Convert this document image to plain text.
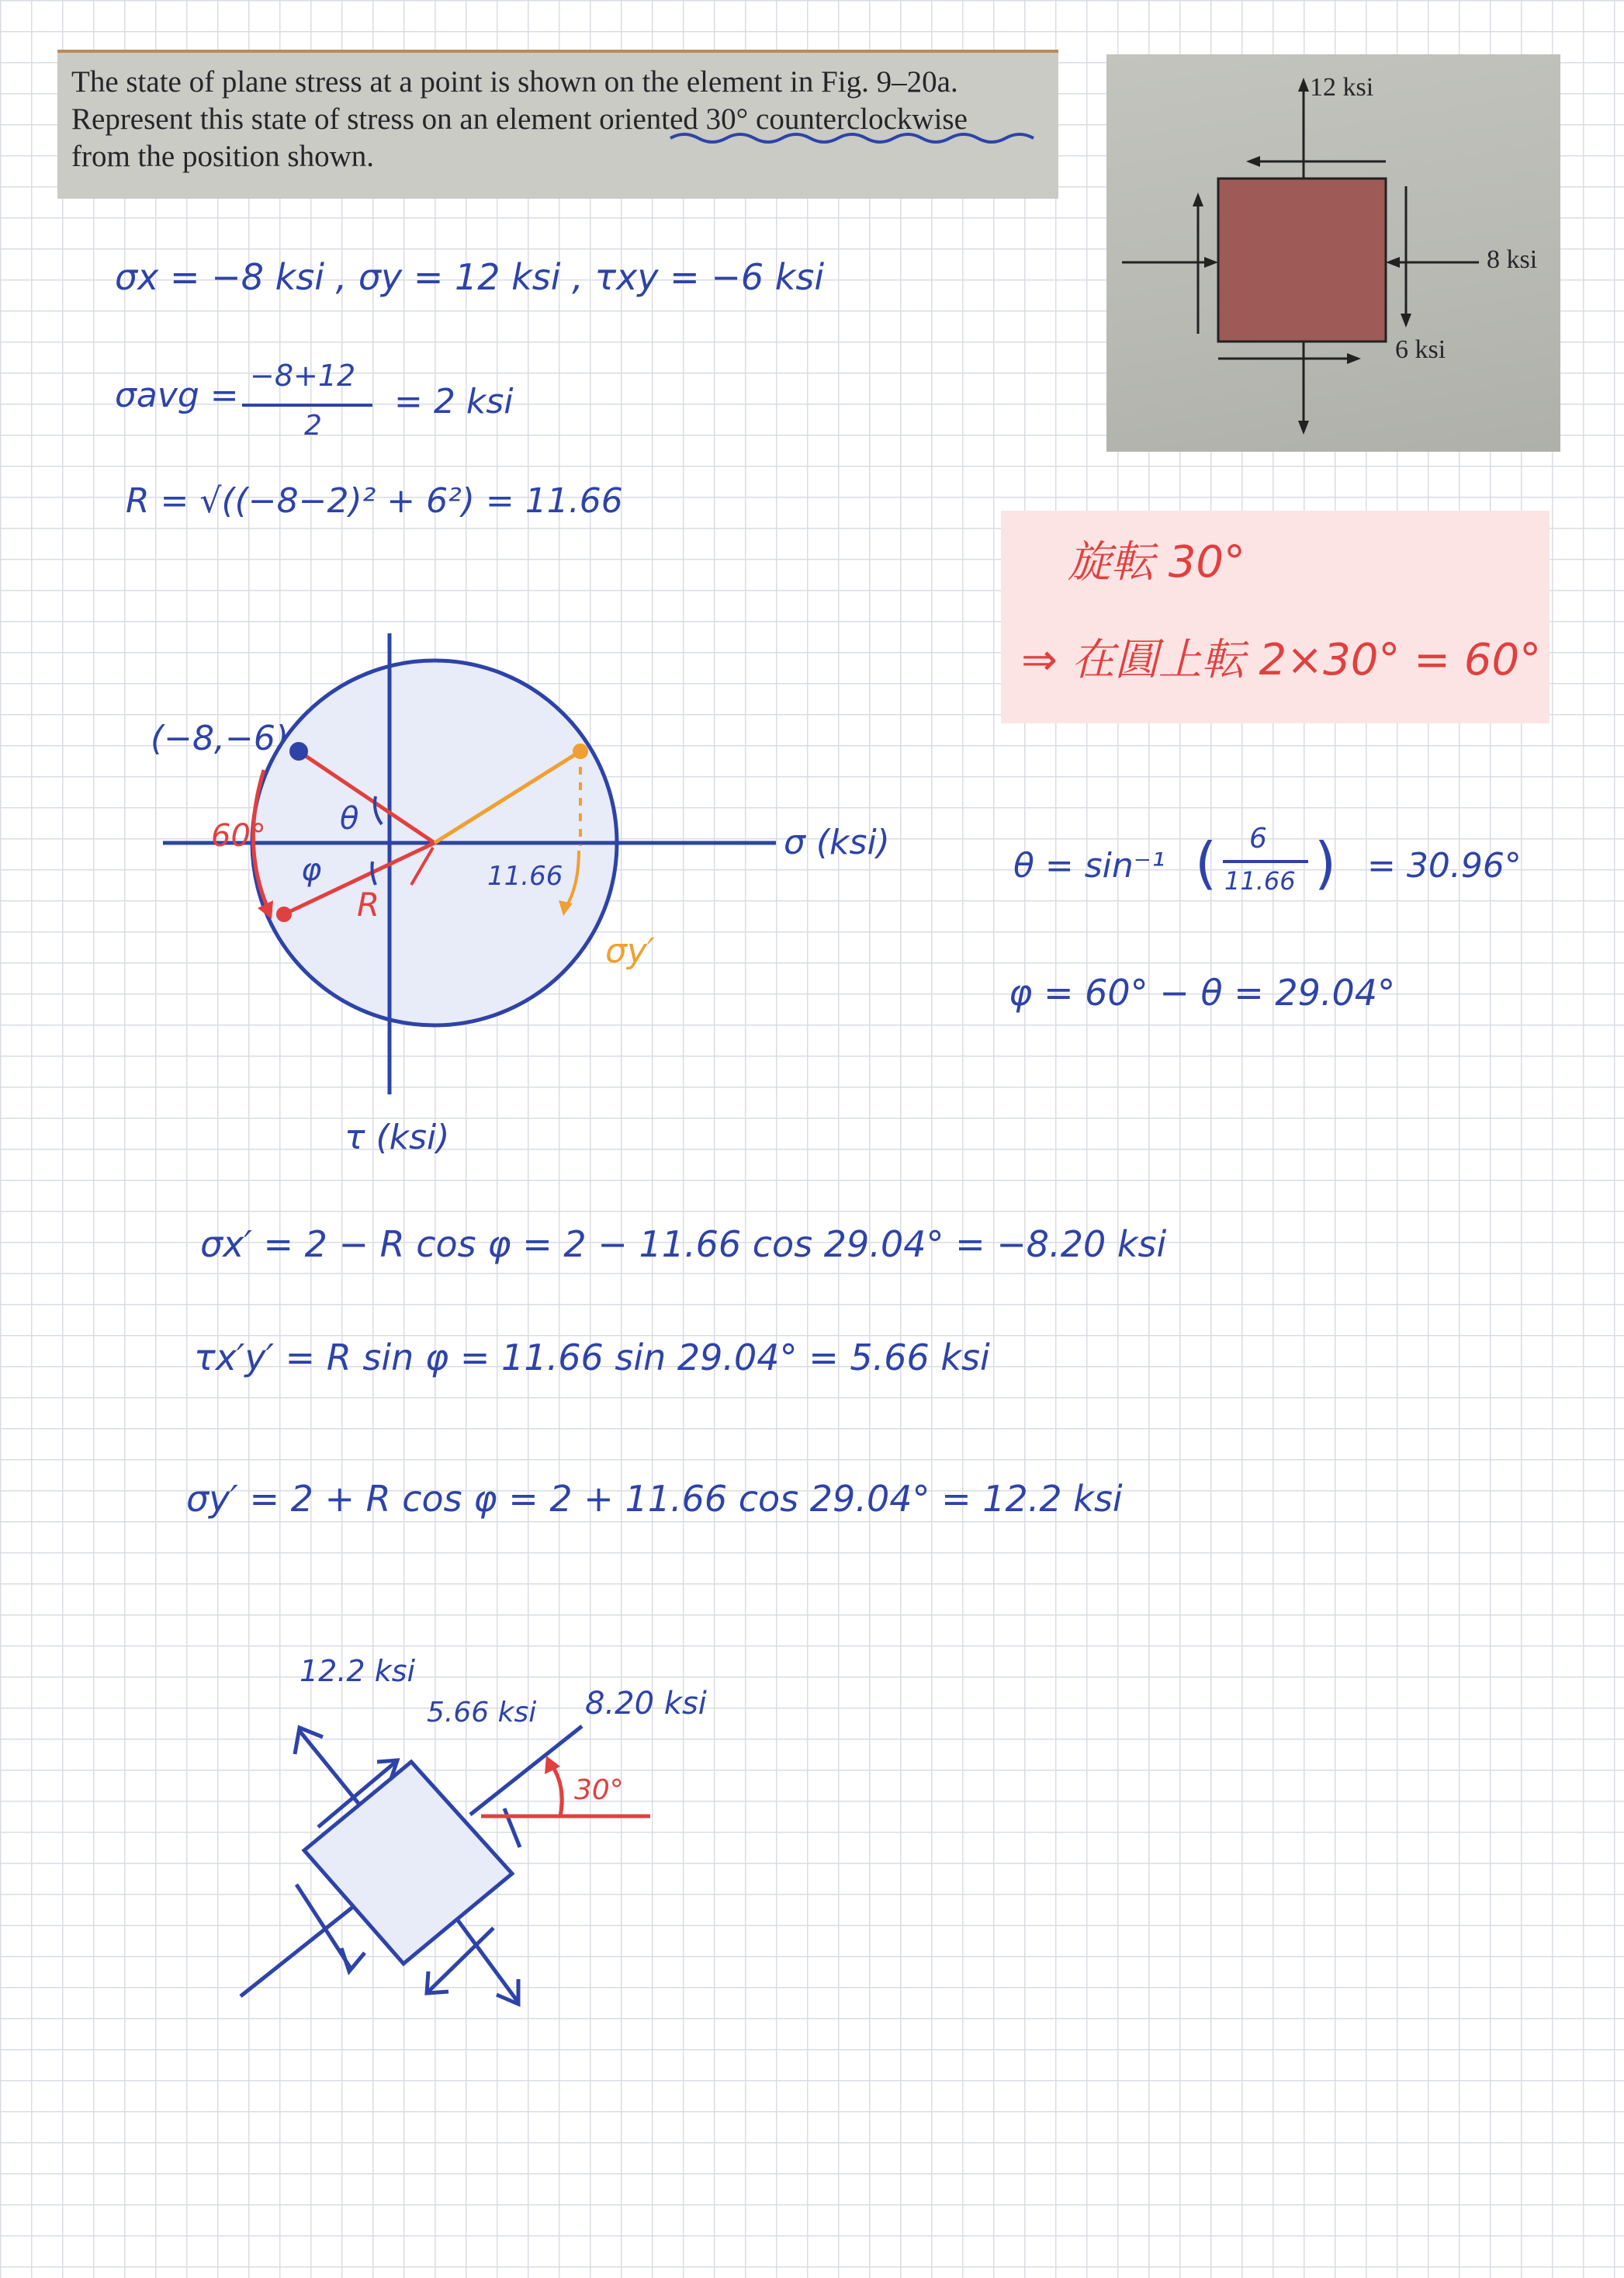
The state of plane stress at a point is shown on the element in Fig. 9–20a.
Represent this state of stress on an element oriented 30° counterclockwise
from the position shown.
12 ksi
8 ksi
6 ksi
σx = −8 ksi , σy = 12 ksi , τxy = −6 ksi
σavg = −8+12
2
= 2 ksi
R = √((−8−2)² + 6²) = 11.66
旋転 30°
⇒ 在圓上転 2×30° = 60°
(−8,−6)
60° θ
φ
R
11.66
σ (ksi)
τ (ksi)
σy′
θ = sin⁻¹ ( 6
11.66 ) = 30.96°
φ = 60° − θ = 29.04°
σx′ = 2 − R cos φ = 2 − 11.66 cos 29.04° = −8.20 ksi
τx′y′ = R sin φ = 11.66 sin 29.04° = 5.66 ksi
σy′ = 2 + R cos φ = 2 + 11.66 cos 29.04° = 12.2 ksi
12.2 ksi
5.66 ksi 8.20 ksi
30°
